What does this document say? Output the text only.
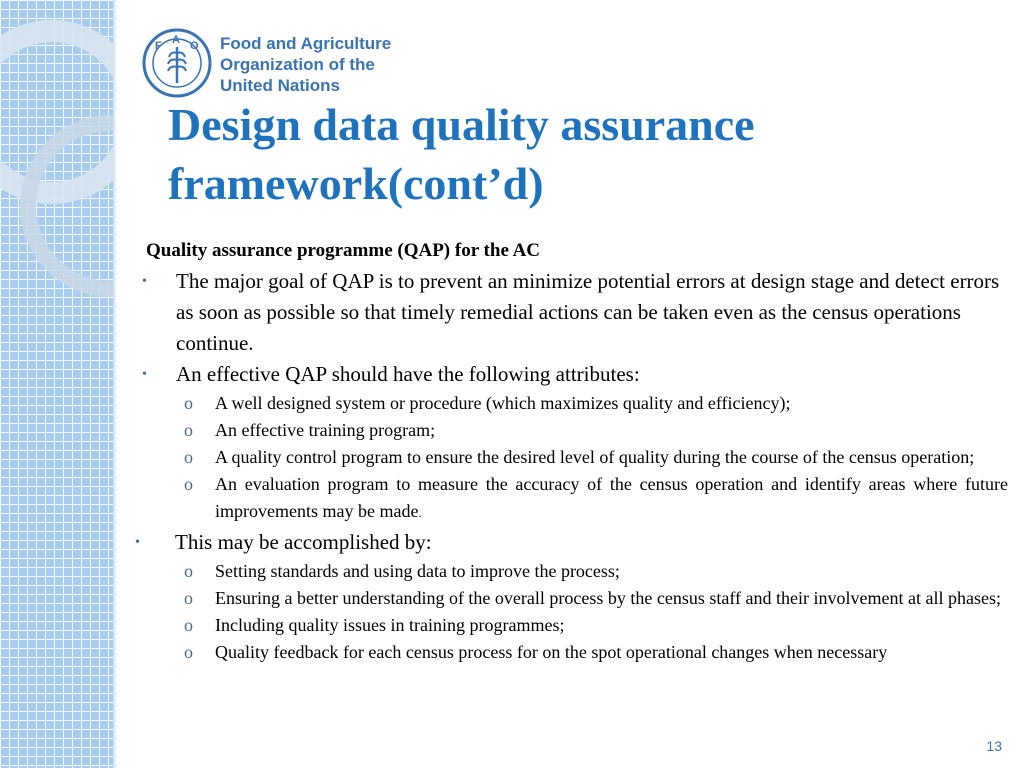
F A O Food and Agriculture
Organization of the
United Nations

Design data quality assurance
framework(cont’d)

Quality assurance programme (QAP) for the AC

• The major goal of QAP is to prevent an minimize potential errors at design stage and detect errors as soon as possible so that timely remedial actions can be taken even as the census operations continue.
• An effective QAP should have the following attributes:
o A well designed system or procedure (which maximizes quality and efficiency);
o An effective training program;
o A quality control program to ensure the desired level of quality during the course of the census operation;
o An evaluation program to measure the accuracy of the census operation and identify areas where future improvements may be made.
• This may be accomplished by:
o Setting standards and using data to improve the process;
o Ensuring a better understanding of the overall process by the census staff and their involvement at all phases;
o Including quality issues in training programmes;
o Quality feedback for each census process for on the spot operational changes when necessary
13
